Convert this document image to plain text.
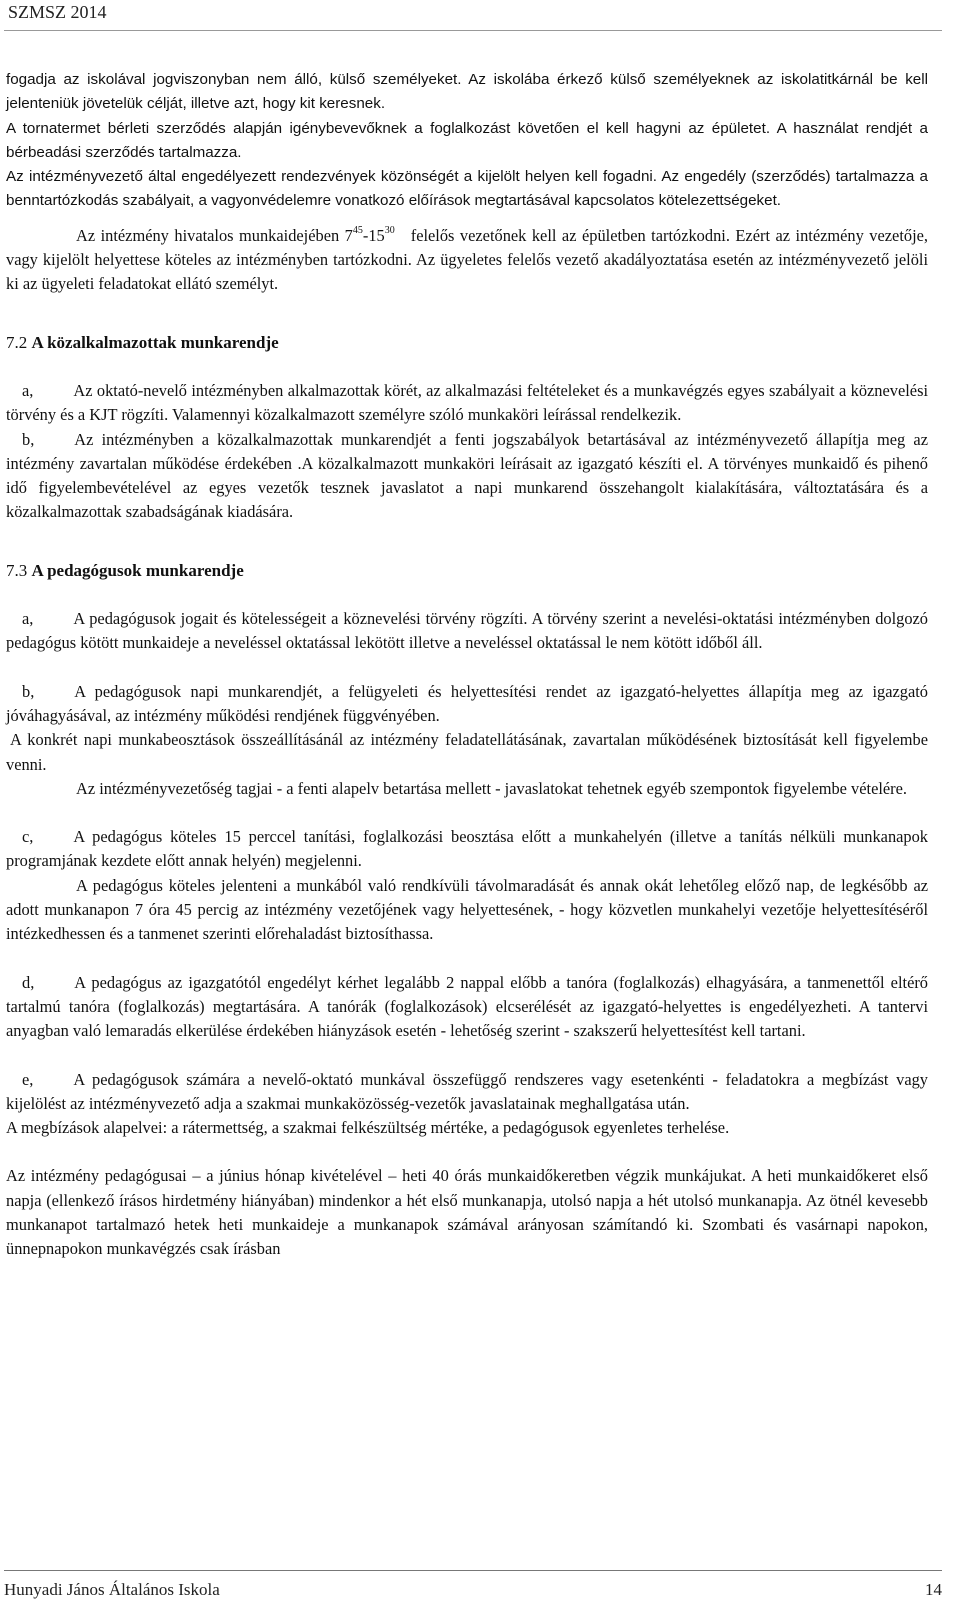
SZMSZ 2014

fogadja az iskolával jogviszonyban nem álló, külső személyeket. Az iskolába érkező külső személyeknek az iskolatitkárnál be kell jelenteniük jövetelük célját, illetve azt, hogy kit keresnek.

A tornatermet bérleti szerződés alapján igénybevevőknek a foglalkozást követően el kell hagyni az épületet. A használat rendjét a bérbeadási szerződés tartalmazza.

Az intézményvezető által engedélyezett rendezvények közönségét a kijelölt helyen kell fogadni. Az engedély (szerződés) tartalmazza a benntartózkodás szabályait, a vagyonvédelemre vonatkozó előírások megtartásával kapcsolatos kötelezettségeket.

Az intézmény hivatalos munkaidejében $7^{45}-15^{30}$ felelős vezetőnek kell az épületben tartózkodni. Ezért az intézmény vezetője, vagy kijelölt helyettese köteles az intézményben tartózkodni. Az ügyeletes felelős vezető akadályoztatása esetén az intézményvezető jelöli ki az ügyeleti feladatokat ellátó személyt.

7.2 A közalkalmazottak munkarendje

a, Az oktató-nevelő intézményben alkalmazottak körét, az alkalmazási feltételeket és a munkavégzés egyes szabályait a köznevelési törvény és a KJT rögzíti. Valamennyi közalkalmazott személyre szóló munkaköri leírással rendelkezik.

b, Az intézményben a közalkalmazottak munkarendjét a fenti jogszabályok betartásával az intézményvezető állapítja meg az intézmény zavartalan működése érdekében .A közalkalmazott munkaköri leírásait az igazgató készíti el. A törvényes munkaidő és pihenő idő figyelembevételével az egyes vezetők tesznek javaslatot a napi munkarend összehangolt kialakítására, változtatására és a közalkalmazottak szabadságának kiadására.

7.3 A pedagógusok munkarendje

a, A pedagógusok jogait és kötelességeit a köznevelési törvény rögzíti. A törvény szerint a nevelési-oktatási intézményben dolgozó pedagógus kötött munkaideje a neveléssel oktatással lekötött illetve a neveléssel oktatással le nem kötött időből áll.

b, A pedagógusok napi munkarendjét, a felügyeleti és helyettesítési rendet az igazgató-helyettes állapítja meg az igazgató jóváhagyásával, az intézmény működési rendjének függvényében.

A konkrét napi munkabeosztások összeállításánál az intézmény feladatellátásának, zavartalan működésének biztosítását kell figyelembe venni.

Az intézményvezetőség tagjai - a fenti alapelv betartása mellett - javaslatokat tehetnek egyéb szempontok figyelembe vételére.

c, A pedagógus köteles 15 perccel tanítási, foglalkozási beosztása előtt a munkahelyén (illetve a tanítás nélküli munkanapok programjának kezdete előtt annak helyén) megjelenni.

A pedagógus köteles jelenteni a munkából való rendkívüli távolmaradását és annak okát lehetőleg előző nap, de legkésőbb az adott munkanapon 7 óra 45 percig az intézmény vezetőjének vagy helyettesének, - hogy közvetlen munkahelyi vezetője helyettesítéséről intézkedhessen és a tanmenet szerinti előrehaladást biztosíthassa.

d, A pedagógus az igazgatótól engedélyt kérhet legalább 2 nappal előbb a tanóra (foglalkozás) elhagyására, a tanmenettől eltérő tartalmú tanóra (foglalkozás) megtartására. A tanórák (foglalkozások) elcserélését az igazgató-helyettes is engedélyezheti. A tantervi anyagban való lemaradás elkerülése érdekében hiányzások esetén - lehetőség szerint - szakszerű helyettesítést kell tartani.

e, A pedagógusok számára a nevelő-oktató munkával összefüggő rendszeres vagy esetenkénti - feladatokra a megbízást vagy kijelölést az intézményvezető adja a szakmai munkaközösség-vezetők javaslatainak meghallgatása után.

A megbízások alapelvei: a rátermettség, a szakmai felkészültség mértéke, a pedagógusok egyenletes terhelése.

Az intézmény pedagógusai – a június hónap kivételével – heti 40 órás munkaidőkeretben végzik munkájukat. A heti munkaidőkeret első napja (ellenkező írásos hirdetmény hiányában) mindenkor a hét első munkanapja, utolsó napja a hét utolsó munkanapja. Az ötnél kevesebb munkanapot tartalmazó hetek heti munkaideje a munkanapok számával arányosan számítandó ki. Szombati és vasárnapi napokon, ünnepnapokon munkavégzés csak írásban

Hunyadi János Általános Iskola	14
